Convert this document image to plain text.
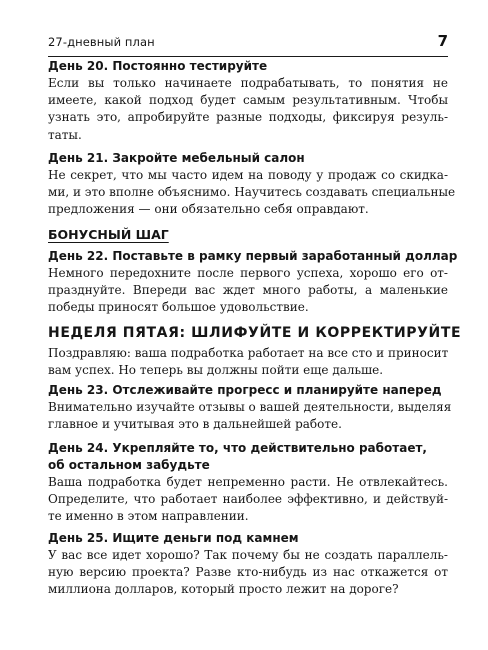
27-дневный план	7
День 20. Постоянно тестируйте
Если вы только начинаете подрабатывать, то понятия не
имеете, какой подход будет самым результативным. Чтобы
узнать это, апробируйте разные подходы, фиксируя резуль-
таты.
День 21. Закройте мебельный салон
Не секрет, что мы часто идем на поводу у продаж со скидка-
ми, и это вполне объяснимо. Научитесь создавать специальные
предложения — они обязательно себя оправдают.
БОНУСНЫЙ ШАГ
День 22. Поставьте в рамку первый заработанный доллар
Немного передохните после первого успеха, хорошо его от-
празднуйте. Впереди вас ждет много работы, а маленькие
победы приносят большое удовольствие.
НЕДЕЛЯ ПЯТАЯ: ШЛИФУЙТЕ И КОРРЕКТИРУЙТЕ
Поздравляю: ваша подработка работает на все сто и приносит
вам успех. Но теперь вы должны пойти еще дальше.
День 23. Отслеживайте прогресс и планируйте наперед
Внимательно изучайте отзывы о вашей деятельности, выделяя
главное и учитывая это в дальнейшей работе.
День 24. Укрепляйте то, что действительно работает,
об остальном забудьте
Ваша подработка будет непременно расти. Не отвлекайтесь.
Определите, что работает наиболее эффективно, и действуй-
те именно в этом направлении.
День 25. Ищите деньги под камнем
У вас все идет хорошо? Так почему бы не создать параллель-
ную версию проекта? Разве кто-нибудь из нас откажется от
миллиона долларов, который просто лежит на дороге?
